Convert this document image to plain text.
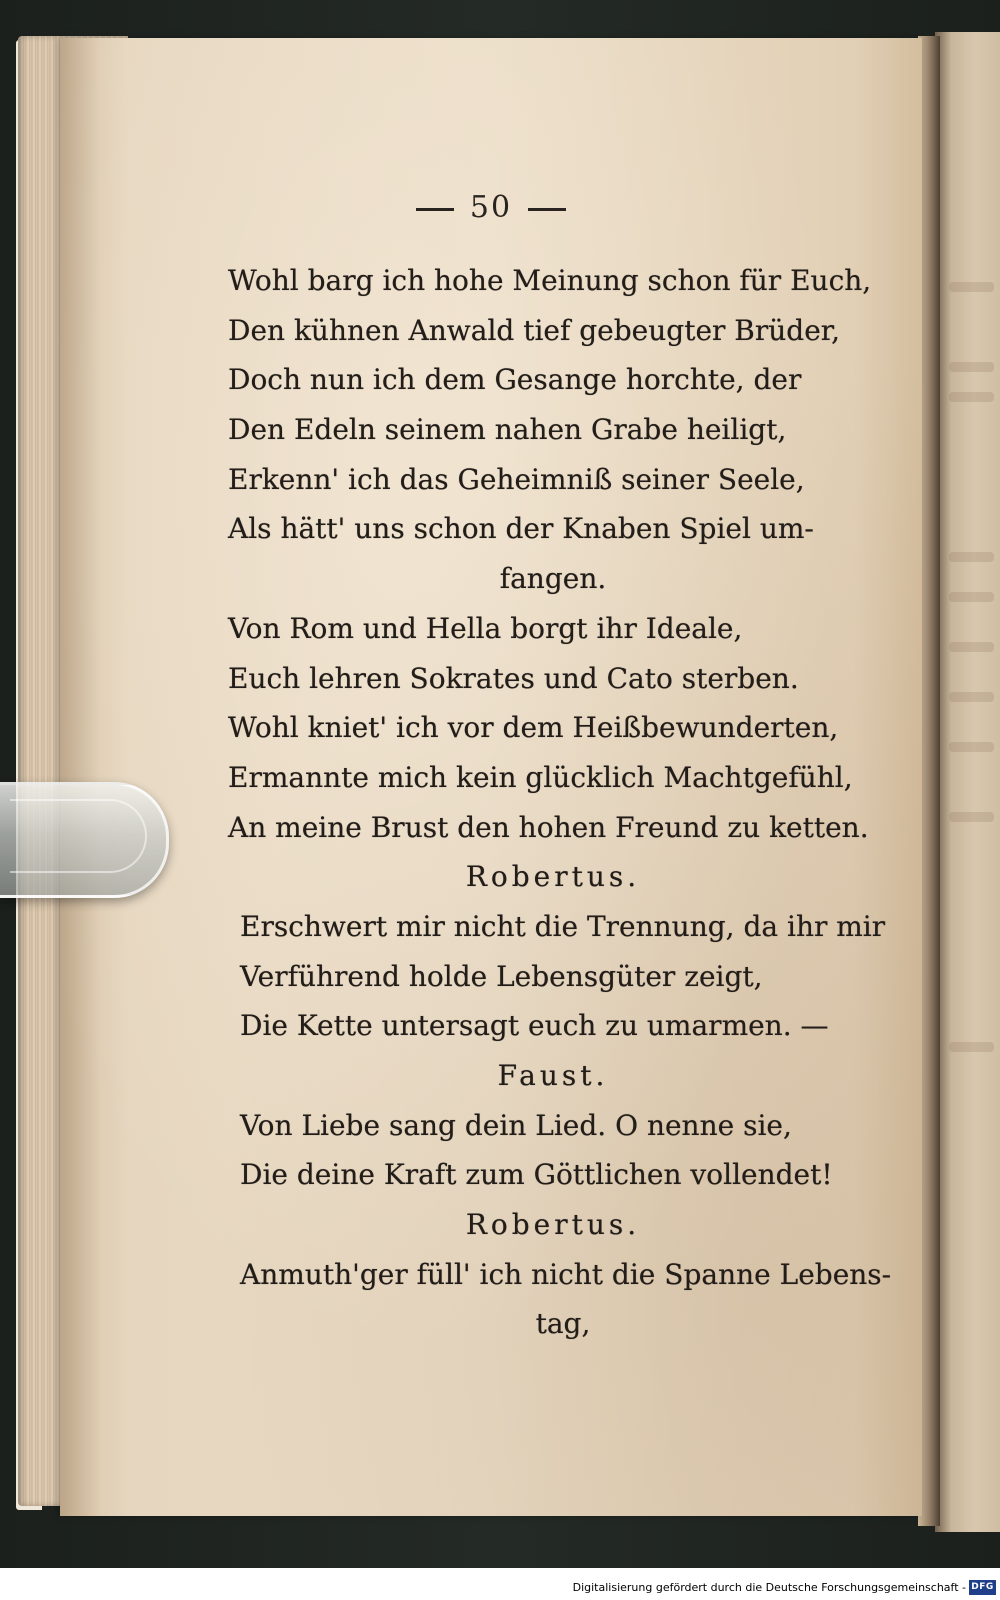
50
Wohl barg ich hohe Meinung schon für Euch,
Den kühnen Anwald tief gebeugter Brüder,
Doch nun ich dem Gesange horchte, der
Den Edeln seinem nahen Grabe heiligt,
Erkenn' ich das Geheimniß seiner Seele,
Als hätt' uns schon der Knaben Spiel um-
fangen.
Von Rom und Hella borgt ihr Ideale,
Euch lehren Sokrates und Cato sterben.
Wohl kniet' ich vor dem Heißbewunderten,
Ermannte mich kein glücklich Machtgefühl,
An meine Brust den hohen Freund zu ketten.
Robertus.
Erschwert mir nicht die Trennung, da ihr mir
Verführend holde Lebensgüter zeigt,
Die Kette untersagt euch zu umarmen. —
Faust.
Von Liebe sang dein Lied. O nenne sie,
Die deine Kraft zum Göttlichen vollendet!
Robertus.
Anmuth'ger füll' ich nicht die Spanne Lebens-
tag,
Digitalisierung gefördert durch die Deutsche Forschungsgemeinschaft - DFG
